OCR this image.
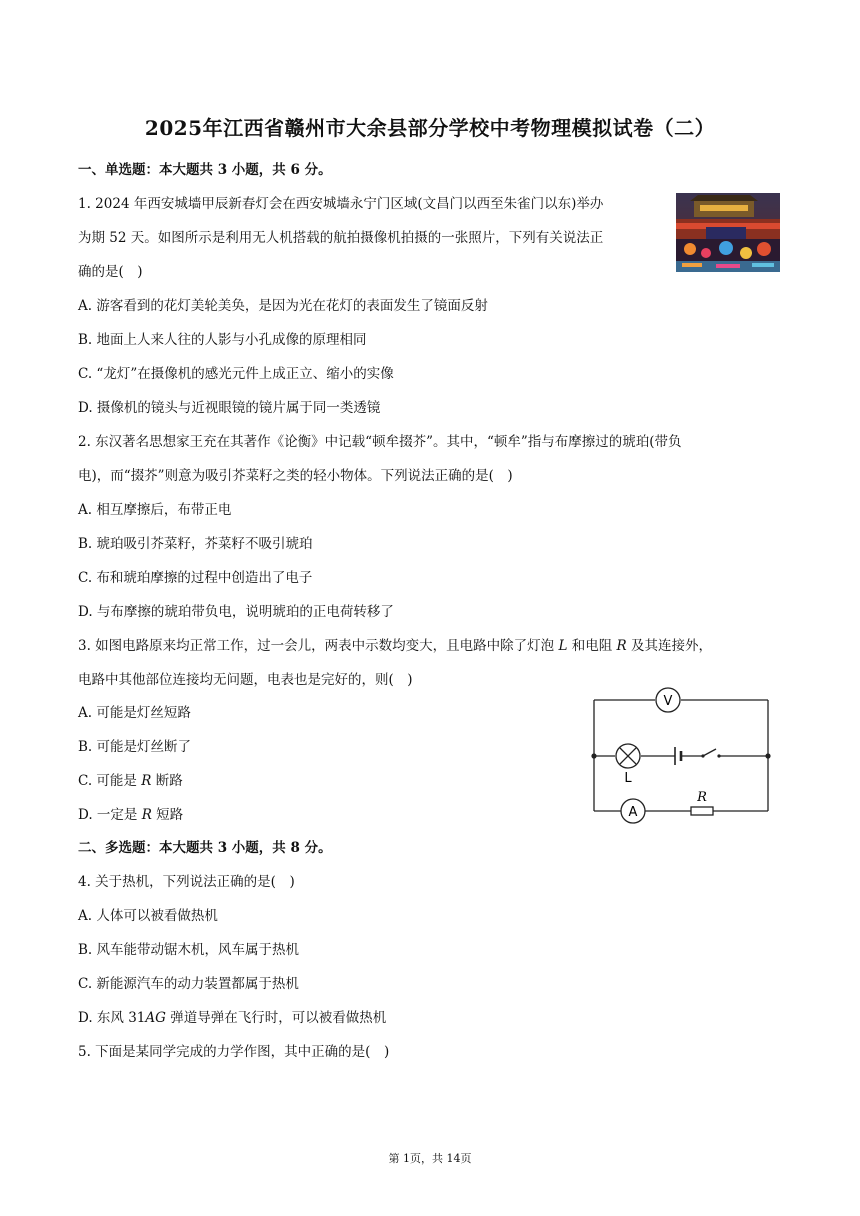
2025年江西省赣州市大余县部分学校中考物理模拟试卷（二）
一、单选题：本大题共 3 小题，共 6 分。
1. 2024 年西安城墙甲辰新春灯会在西安城墙永宁门区域(文昌门以西至朱雀门以东)举办
为期 52 天。如图所示是利用无人机搭载的航拍摄像机拍摄的一张照片，下列有关说法正
确的是(　)
A. 游客看到的花灯美轮美奂，是因为光在花灯的表面发生了镜面反射
B. 地面上人来人往的人影与小孔成像的原理相同
C. “龙灯”在摄像机的感光元件上成正立、缩小的实像
D. 摄像机的镜头与近视眼镜的镜片属于同一类透镜
2. 东汉著名思想家王充在其著作《论衡》中记载“顿牟掇芥”。其中，“顿牟”指与布摩擦过的琥珀(带负
电)，而“掇芥”则意为吸引芥菜籽之类的轻小物体。下列说法正确的是(　)
A. 相互摩擦后，布带正电
B. 琥珀吸引芥菜籽，芥菜籽不吸引琥珀
C. 布和琥珀摩擦的过程中创造出了电子
D. 与布摩擦的琥珀带负电，说明琥珀的正电荷转移了
3. 如图电路原来均正常工作，过一会儿，两表中示数均变大，且电路中除了灯泡 L 和电阻 R 及其连接外，
电路中其他部位连接均无问题，电表也是完好的，则(　)
A. 可能是灯丝短路
B. 可能是灯丝断了
C. 可能是 R 断路
D. 一定是 R 短路
V
A
L
R
二、多选题：本大题共 3 小题，共 8 分。
4. 关于热机，下列说法正确的是(　)
A. 人体可以被看做热机
B. 风车能带动锯木机，风车属于热机
C. 新能源汽车的动力装置都属于热机
D. 东风 31AG 弹道导弹在飞行时，可以被看做热机
5. 下面是某同学完成的力学作图，其中正确的是(　)
第 1页，共 14页
